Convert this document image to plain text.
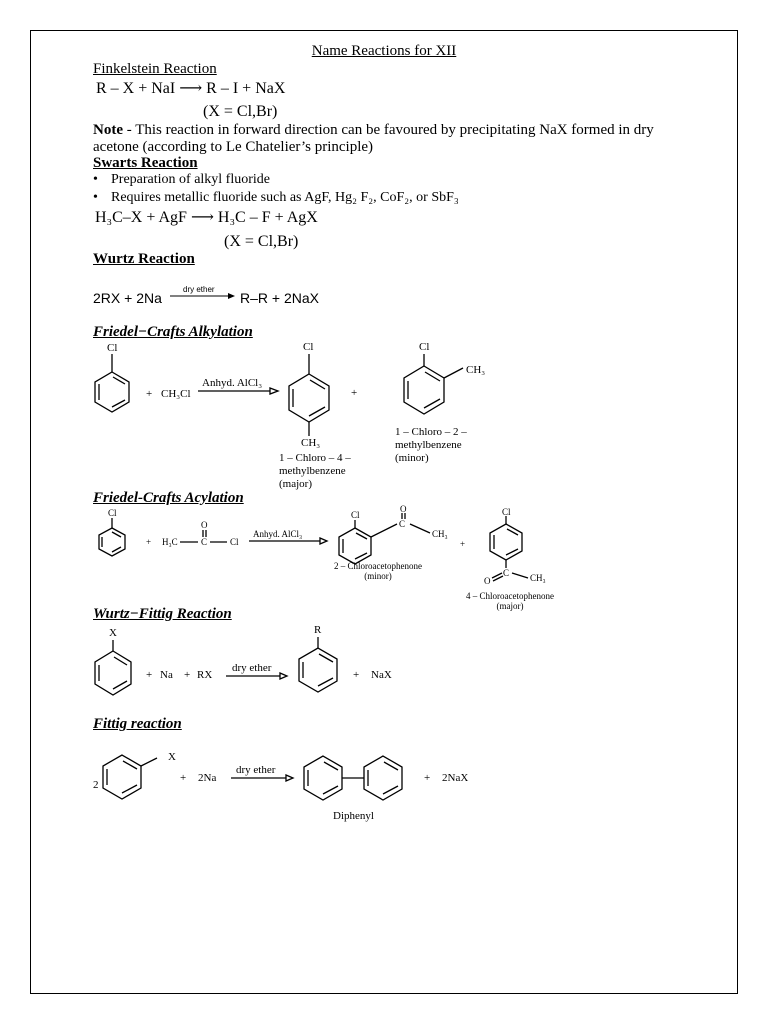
Name Reactions for XII
Finkelstein Reaction
R – X + NaI ⟶ R – I + NaX
(X = Cl,Br)
Note - This reaction in forward direction can be favoured by precipitating NaX formed in dry acetone (according to Le Chatelier’s principle)
Swarts Reaction
• Preparation of alkyl fluoride
• Requires metallic fluoride such as AgF, Hg₂ F₂, CoF₂, or SbF₃
H₃C–X + AgF ⟶ H₃C – F + AgX
(X = Cl,Br)
Wurtz Reaction
2RX + 2Na
dry ether
R–R + 2NaX
Friedel−Crafts Alkylation
Cl
+ CH₃Cl
Anhyd. AlCl₃
Cl
CH₃
+
Cl
CH₃
1 – Chloro – 4 –
methylbenzene
(major)
1 – Chloro – 2 –
methylbenzene
(minor)
Friedel-Crafts Acylation
Cl
+ H₃C	C
O
Cl
Anhyd. AlCl₃
Cl
O
C
CH₃
+
Cl
O
C CH₃
2 – Chloroacetophenone
(minor)
4 – Chloroacetophenone
(major)
Wurtz−Fittig Reaction
X
+ Na + RX
dry ether
R
+ NaX
Fittig reaction
2
X
+ 2Na
dry ether
+ 2NaX
Diphenyl
